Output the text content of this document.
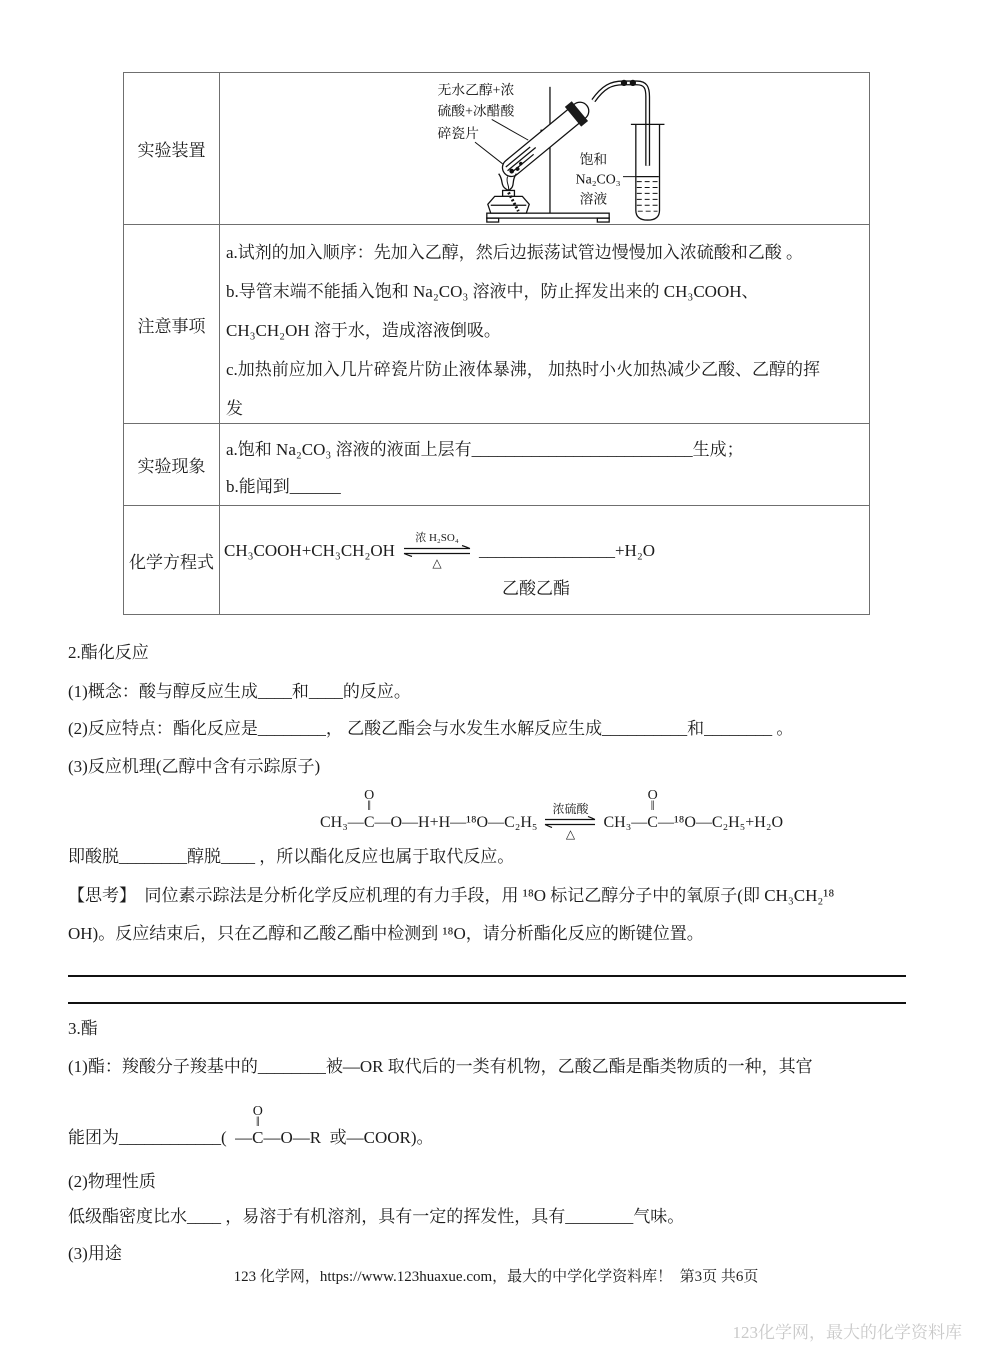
实验装置
无水乙醇+浓
硫酸+冰醋酸
碎瓷片
饱和
Na₂CO₃
溶液
注意事项

a.试剂的加入顺序：先加入乙醇，然后边振荡试管边慢慢加入浓硫酸和乙酸 。

b.导管末端不能插入饱和 Na₂CO₃ 溶液中，防止挥发出来的 CH₃COOH、

CH₃CH₂OH 溶于水，造成溶液倒吸。

c.加热前应加入几片碎瓷片防止液体暴沸， 加热时小火加热减少乙酸、乙醇的挥

发

实验现象

a.饱和 Na₂CO₃ 溶液的液面上层有__________________________生成；

b.能闻到______

化学方程式
CH₃COOH+CH₃CH₂OH
浓 H₂SO₄
△
________________ +H₂O
乙酸乙酯

2.酯化反应

(1)概念：酸与醇反应生成____和____的反应。

(2)反应特点：酯化反应是________， 乙酸乙酯会与水发生水解反应生成__________和________ 。

(3)反应机理(乙醇中含有示踪原子)

CH₃—
O
‖
C —O—H+H—¹⁸O—C₂H₅
浓硫酸
△
CH₃—
O
‖
C —¹⁸O—C₂H₅+H₂O

即酸脱________醇脱____ ，所以酯化反应也属于取代反应。

【思考】  同位素示踪法是分析化学反应机理的有力手段，用 ¹⁸O 标记乙醇分子中的氧原子(即 CH₃CH₂¹⁸

OH)。反应结束后，只在乙醇和乙酸乙酯中检测到 ¹⁸O，请分析酯化反应的断键位置。

3.酯

(1)酯：羧酸分子羧基中的________被—OR 取代后的一类有机物，乙酸乙酯是酯类物质的一种，其官

能团为____________( —
O
‖
C —O—R 或—COOR)。

(2)物理性质

低级酯密度比水____ ，易溶于有机溶剂，具有一定的挥发性，具有________气味。

(3)用途

123 化学网，https://www.123huaxue.com，最大的中学化学资料库！  第3页 共6页
123化学网，最大的化学资料库
